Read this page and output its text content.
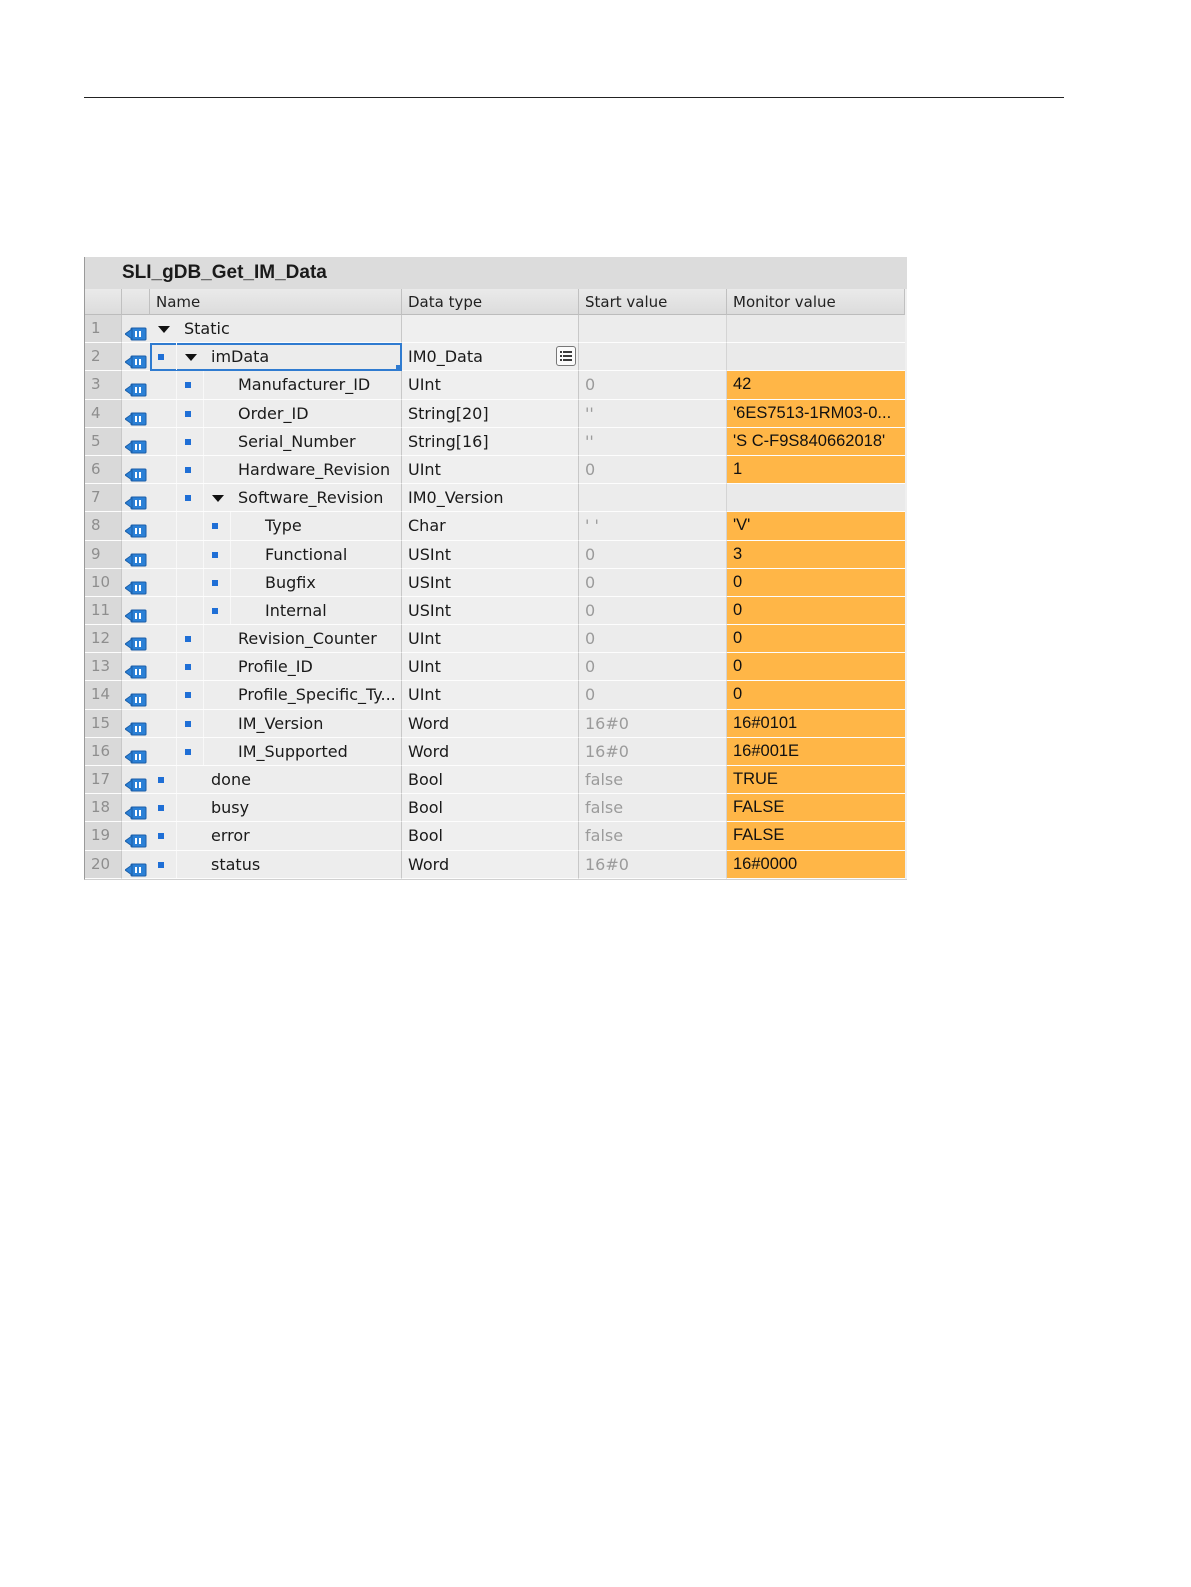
SLI_gDB_Get_IM_Data
Name	Data type	Start value	Monitor value
1	Static
2	imData	IM0_Data
3	Manufacturer_ID	UInt	0	42
4	Order_ID	String[20]	''	'6ES7513-1RM03-0...
5	Serial_Number	String[16]	''	'S C-F9S840662018'
6	Hardware_Revision	UInt	0	1
7	Software_Revision	IM0_Version
8	Type	Char	' '	'V'
9	Functional	USInt	0	3
10	Bugfix	USInt	0	0
11	Internal	USInt	0	0
12	Revision_Counter	UInt	0	0
13	Profile_ID	UInt	0	0
14	Profile_Specific_Ty... UInt	0	0
15	IM_Version	Word	16#0	16#0101
16	IM_Supported	Word	16#0	16#001E
17	done	Bool	false	TRUE
18	busy	Bool	false	FALSE
19	error	Bool	false	FALSE
20	status	Word	16#0	16#0000
